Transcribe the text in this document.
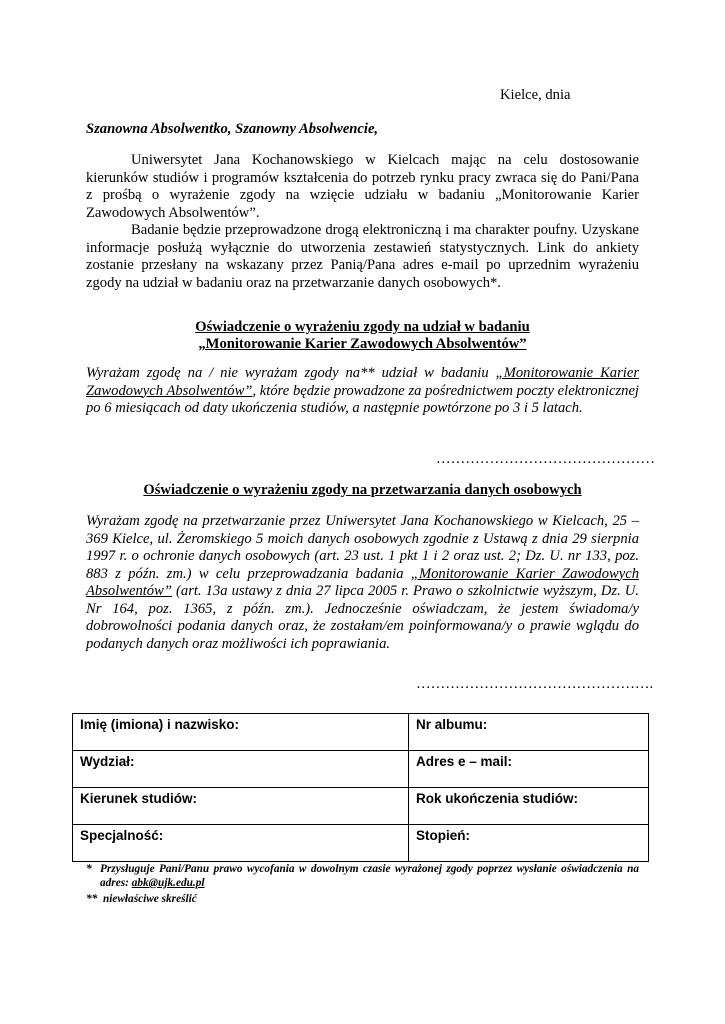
Kielce, dnia
Szanowna Absolwentko, Szanowny Absolwencie,
Uniwersytet Jana Kochanowskiego w Kielcach mając na celu dostosowanie kierunków studiów i programów kształcenia do potrzeb rynku pracy zwraca się do Pani/Pana z prośbą o wyrażenie zgody na wzięcie udziału w badaniu „Monitorowanie Karier Zawodowych Absolwentów”.
Badanie będzie przeprowadzone drogą elektroniczną i ma charakter poufny. Uzyskane informacje posłużą wyłącznie do utworzenia zestawień statystycznych. Link do ankiety zostanie przesłany na wskazany przez Panią/Pana adres e-mail po uprzednim wyrażeniu zgody na udział w badaniu oraz na przetwarzanie danych osobowych*.
Oświadczenie o wyrażeniu zgody na udział w badaniu
„Monitorowanie Karier Zawodowych Absolwentów”
Wyrażam zgodę na / nie wyrażam zgody na** udział w badaniu „Monitorowanie Karier Zawodowych Absolwentów”, które będzie prowadzone za pośrednictwem poczty elektronicznej po 6 miesiącach od daty ukończenia studiów, a następnie powtórzone po 3 i 5 latach.
………………………………………
Oświadczenie o wyrażeniu zgody na przetwarzania danych osobowych
Wyrażam zgodę na przetwarzanie przez Uniwersytet Jana Kochanowskiego w Kielcach, 25 – 369 Kielce, ul. Żeromskiego 5 moich danych osobowych zgodnie z Ustawą z dnia 29 sierpnia 1997 r. o ochronie danych osobowych (art. 23 ust. 1 pkt 1 i 2 oraz ust. 2; Dz. U. nr 133, poz. 883 z późn. zm.) w celu przeprowadzania badania „Monitorowanie Karier Zawodowych Absolwentów” (art. 13a ustawy z dnia 27 lipca 2005 r. Prawo o szkolnictwie wyższym, Dz. U. Nr 164, poz. 1365, z późn. zm.). Jednocześnie oświadczam, że jestem świadoma/y dobrowolności podania danych oraz, że zostałam/em poinformowana/y o prawie wglądu do podanych danych oraz możliwości ich poprawiania.
………………………………………….
Imię (imiona) i nazwisko:	Nr albumu:
Wydział:	Adres e – mail:
Kierunek studiów:	Rok ukończenia studiów:
Specjalność:	Stopień:
* Przysługuje Pani/Panu prawo wycofania w dowolnym czasie wyrażonej zgody poprzez wysłanie oświadczenia na adres: abk@ujk.edu.pl
** niewłaściwe skreślić
